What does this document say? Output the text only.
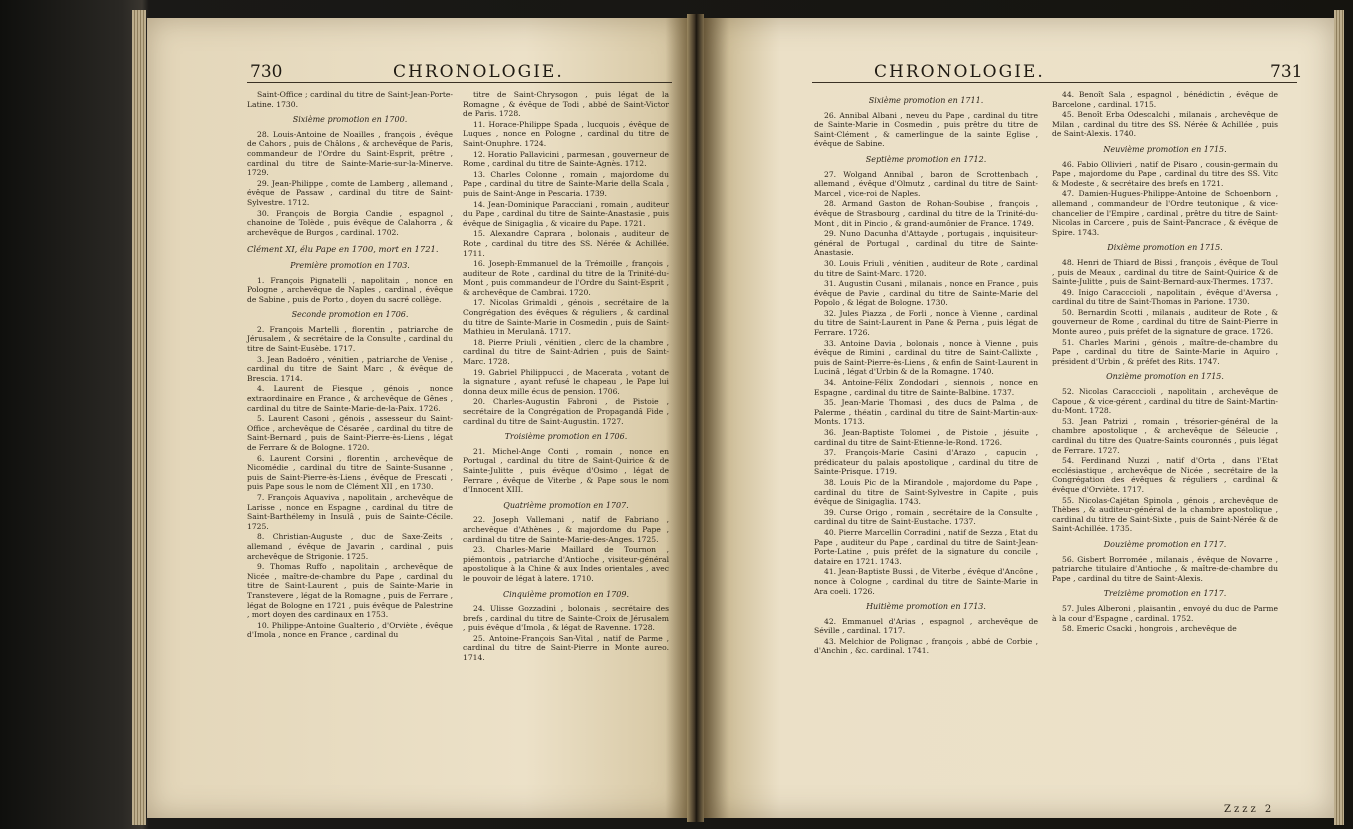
730	CHRONOLOGIE.

Saint-Office ; cardinal du titre de Saint-Jean-Porte-Latine. 1730.

Sixième promotion en 1700.

28. Louis-Antoine de Noailles , françois , évêque de Cahors , puis de Châlons , & archevêque de Paris, commandeur de l'Ordre du Saint-Esprit, prêtre , cardinal du titre de Sainte-Marie-sur-la-Minerve. 1729.

29. Jean-Philippe , comte de Lamberg , allemand , évêque de Passaw , cardinal du titre de Saint-Sylvestre. 1712.

30. François de Borgia Candie , espagnol , chanoine de Tolède , puis évêque de Calahorra , & archevêque de Burgos , cardinal. 1702.

Clément XI, élu Pape en 1700, mort en 1721.

Première promotion en 1703.

1. François Pignatelli , napolitain , nonce en Pologne , archevêque de Naples , cardinal , évêque de Sabine , puis de Porto , doyen du sacré collège.

Seconde promotion en 1706.

2. François Martelli , florentin , patriarche de Jérusalem , & secrétaire de la Consulte , cardinal du titre de Saint-Eusèbe. 1717.

3. Jean Badoëro , vénitien , patriarche de Venise , cardinal du titre de Saint Marc , & évêque de Brescia. 1714.

4. Laurent de Fiesque , génois , nonce extraordinaire en France , & archevêque de Gênes , cardinal du titre de Sainte-Marie-de-la-Paix. 1726.

5. Laurent Casoni , génois , assesseur du Saint-Office , archevêque de Césarée , cardinal du titre de Saint-Bernard , puis de Saint-Pierre-ès-Liens , légat de Ferrare & de Bologne. 1720.

6. Laurent Corsini , florentin , archevêque de Nicomédie , cardinal du titre de Sainte-Susanne , puis de Saint-Pierre-ès-Liens , évêque de Frescati , puis Pape sous le nom de Clément XII , en 1730.

7. François Aquaviva , napolitain , archevêque de Larisse , nonce en Espagne , cardinal du titre de Saint-Barthélemy in Insulâ , puis de Sainte-Cécile. 1725.

8. Christian-Auguste , duc de Saxe-Zeits , allemand , évêque de Javarin , cardinal , puis archevêque de Strigonie. 1725.

9. Thomas Ruffo , napolitain , archevêque de Nicée , maître-de-chambre du Pape , cardinal du titre de Saint-Laurent , puis de Sainte-Marie in Transtevere , légat de la Romagne , puis de Ferrare , légat de Bologne en 1721 , puis évêque de Palestrine , mort doyen des cardinaux en 1753.

10. Philippe-Antoine Gualterio , d'Orviète , évêque d'Imola , nonce en France , cardinal du

titre de Saint-Chrysogon , puis légat de la Romagne , & évêque de Todi , abbé de Saint-Victor de Paris. 1728.

11. Horace-Philippe Spada , lucquois , évêque de Luques , nonce en Pologne , cardinal du titre de Saint-Onuphre. 1724.

12. Horatio Pallavicini , parmesan , gouverneur de Rome , cardinal du titre de Sainte-Agnès. 1712.

13. Charles Colonne , romain , majordome du Pape , cardinal du titre de Sainte-Marie della Scala , puis de Saint-Ange in Pescaria. 1739.

14. Jean-Dominique Paracciani , romain , auditeur du Pape , cardinal du titre de Sainte-Anastasie , puis évêque de Sinigaglia , & vicaire du Pape. 1721.

15. Alexandre Caprara , bolonais , auditeur de Rote , cardinal du titre des SS. Nérée & Achillée. 1711.

16. Joseph-Emmanuel de la Trémoille , françois , auditeur de Rote , cardinal du titre de la Trinité-du-Mont , puis commandeur de l'Ordre du Saint-Esprit , & archevêque de Cambrai. 1720.

17. Nicolas Grimaldi , génois , secrétaire de la Congrégation des évêques & réguliers , & cardinal du titre de Sainte-Marie in Cosmedin , puis de Saint-Mathieu in Merulanâ. 1717.

18. Pierre Priuli , vénitien , clerc de la chambre , cardinal du titre de Saint-Adrien , puis de Saint-Marc. 1728.

19. Gabriel Philippucci , de Macerata , votant de la signature , ayant refusé le chapeau , le Pape lui donna deux mille écus de pension. 1706.

20. Charles-Augustin Fabroni , de Pistoie , secrétaire de la Congrégation de Propagandâ Fide , cardinal du titre de Saint-Augustin. 1727.

Troisième promotion en 1706.

21. Michel-Ange Conti , romain , nonce en Portugal , cardinal du titre de Saint-Quirice & de Sainte-Julitte , puis évêque d'Osimo , légat de Ferrare , évêque de Viterbe , & Pape sous le nom d'Innocent XIII.

Quatrième promotion en 1707.

22. Joseph Vallemani , natif de Fabriano , archevêque d'Athènes , & majordome du Pape , cardinal du titre de Sainte-Marie-des-Anges. 1725.

23. Charles-Marie Maillard de Tournon , piémontois , patriarche d'Antioche , visiteur-général apostolique à la Chine & aux Indes orientales , avec le pouvoir de légat à latere. 1710.

Cinquième promotion en 1709.

24. Ulisse Gozzadini , bolonais , secrétaire des brefs , cardinal du titre de Sainte-Croix de Jérusalem , puis évêque d'Imola , & légat de Ravenne. 1728.

25. Antoine-François San-Vital , natif de Parme , cardinal du titre de Saint-Pierre in Monte aureo. 1714.

CHRONOLOGIE.	731

Sixième promotion en 1711.

26. Annibal Albani , neveu du Pape , cardinal du titre de Sainte-Marie in Cosmedin , puis prêtre du titre de Saint-Clément , & camerlingue de la sainte Eglise , évêque de Sabine.

Septième promotion en 1712.

27. Wolgand Annibal , baron de Scrottenbach , allemand , évêque d'Olmutz , cardinal du titre de Saint-Marcel , vice-roi de Naples.

28. Armand Gaston de Rohan-Soubise , françois , évêque de Strasbourg , cardinal du titre de la Trinité-du-Mont , dit in Pincio , & grand-aumônier de France. 1749.

29. Nuno Dacunha d'Attayde , portugais , inquisiteur-général de Portugal , cardinal du titre de Sainte-Anastasie.

30. Louis Friuli , vénitien , auditeur de Rote , cardinal du titre de Saint-Marc. 1720.

31. Augustin Cusani , milanais , nonce en France , puis évêque de Pavie , cardinal du titre de Sainte-Marie del Popolo , & légat de Bologne. 1730.

32. Jules Piazza , de Forli , nonce à Vienne , cardinal du titre de Saint-Laurent in Pane & Perna , puis légat de Ferrare. 1726.

33. Antoine Davia , bolonais , nonce à Vienne , puis évêque de Rimini , cardinal du titre de Saint-Callixte , puis de Saint-Pierre-ès-Liens , & enfin de Saint-Laurent in Lucinâ , légat d'Urbin & de la Romagne. 1740.

34. Antoine-Félix Zondodari , siennois , nonce en Espagne , cardinal du titre de Sainte-Balbine. 1737.

35. Jean-Marie Thomasi , des ducs de Palma , de Palerme , théatin , cardinal du titre de Saint-Martin-aux-Monts. 1713.

36. Jean-Baptiste Tolomei , de Pistoie , jésuite , cardinal du titre de Saint-Etienne-le-Rond. 1726.

37. François-Marie Casini d'Arazo , capucin , prédicateur du palais apostolique , cardinal du titre de Sainte-Prisque. 1719.

38. Louis Pic de la Mirandole , majordome du Pape , cardinal du titre de Saint-Sylvestre in Capite , puis évêque de Sinigaglia. 1743.

39. Curse Origo , romain , secrétaire de la Consulte , cardinal du titre de Saint-Eustache. 1737.

40. Pierre Marcellin Corradini , natif de Sezza , Etat du Pape , auditeur du Pape , cardinal du titre de Saint-Jean-Porte-Latine , puis préfet de la signature du concile , dataire en 1721. 1743.

41. Jean-Baptiste Bussi , de Viterbe , évêque d'Ancône , nonce à Cologne , cardinal du titre de Sainte-Marie in Ara coeli. 1726.

Huitième promotion en 1713.

42. Emmanuel d'Arias , espagnol , archevêque de Séville , cardinal. 1717.

43. Melchior de Polignac , françois , abbé de Corbie , d'Anchin , &c. cardinal. 1741.

44. Benoît Sala , espagnol , bénédictin , évêque de Barcelone , cardinal. 1715.

45. Benoît Erba Odescalchi , milanais , archevêque de Milan , cardinal du titre des SS. Nérée & Achillée , puis de Saint-Alexis. 1740.

Neuvième promotion en 1715.

46. Fabio Ollivieri , natif de Pisaro , cousin-germain du Pape , majordome du Pape , cardinal du titre des SS. Vitc & Modeste , & secrétaire des brefs en 1721.

47. Damien-Hugues-Philippe-Antoine de Schoenborn , allemand , commandeur de l'Ordre teutonique , & vice-chancelier de l'Empire , cardinal , prêtre du titre de Saint-Nicolas in Carcere , puis de Saint-Pancrace , & évêque de Spire. 1743.

Dixième promotion en 1715.

48. Henri de Thiard de Bissi , françois , évêque de Toul , puis de Meaux , cardinal du titre de Saint-Quirice & de Sainte-Julitte , puis de Saint-Bernard-aux-Thermes. 1737.

49. Inigo Caracccioli , napolitain , évêque d'Aversa , cardinal du titre de Saint-Thomas in Parione. 1730.

50. Bernardin Scotti , milanais , auditeur de Rote , & gouverneur de Rome , cardinal du titre de Saint-Pierre in Monte aureo , puis préfet de la signature de grace. 1726.

51. Charles Marini , génois , maître-de-chambre du Pape , cardinal du titre de Sainte-Marie in Aquiro , président d'Urbin , & préfet des Rits. 1747.

Onzième promotion en 1715.

52. Nicolas Caracccioli , napolitain , archevêque de Capoue , & vice-gérent , cardinal du titre de Saint-Martin-du-Mont. 1728.

53. Jean Patrizi , romain , trésorier-général de la chambre apostolique , & archevêque de Séleucie , cardinal du titre des Quatre-Saints couronnés , puis légat de Ferrare. 1727.

54. Ferdinand Nuzzi , natif d'Orta , dans l'Etat ecclésiastique , archevêque de Nicée , secrétaire de la Congrégation des évêques & réguliers , cardinal & évêque d'Orviète. 1717.

55. Nicolas-Cajétan Spinola , génois , archevêque de Thèbes , & auditeur-général de la chambre apostolique , cardinal du titre de Saint-Sixte , puis de Saint-Nérée & de Saint-Achillée. 1735.

Douzième promotion en 1717.

56. Gisbert Borromée , milanais , évêque de Novarre , patriarche titulaire d'Antioche , & maître-de-chambre du Pape , cardinal du titre de Saint-Alexis.

Treizième promotion en 1717.

57. Jules Alberoni , plaisantin , envoyé du duc de Parme à la cour d'Espagne , cardinal. 1752.

58. Emeric Csacki , hongrois , archevêque de

Zzzz 2
